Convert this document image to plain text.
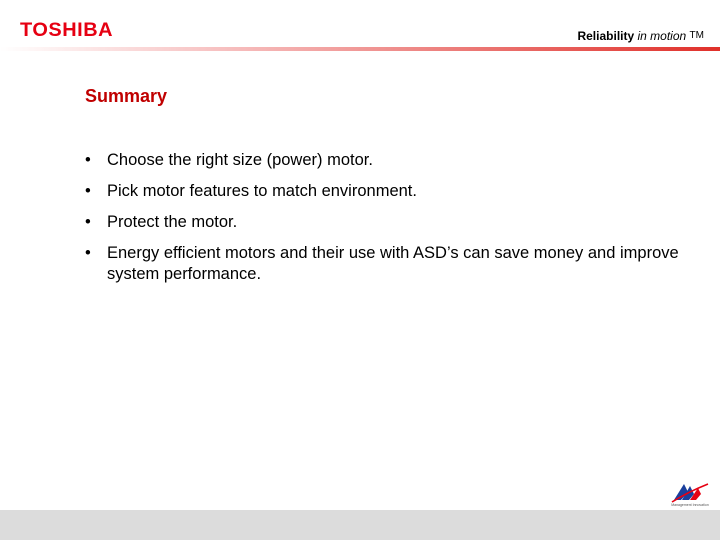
TOSHIBA	Reliability in motion TM
Summary
• Choose the right size (power) motor.
• Pick motor features to match environment.
• Protect the motor.
• Energy efficient motors and their use with ASD’s can save money and improve system performance.
Management Innovation
